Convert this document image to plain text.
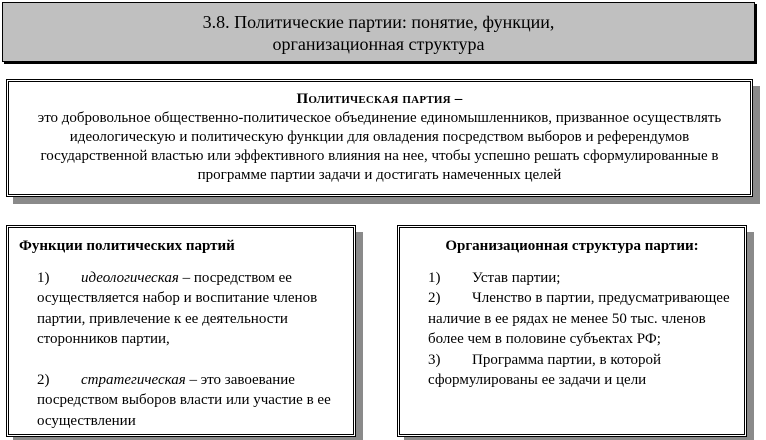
3.8. Политические партии: понятие, функции,
организационная структура
Политическая партия –
это добровольное общественно-политическое объединение единомышленников, призванное осуществлять идеологическую и политическую функции для овладения посредством выборов и референдумов государственной властью или эффективного влияния на нее, чтобы успешно решать сформулированные в программе партии задачи и достигать намеченных целей
Функции политических партий

1) идеологическая – посредством ее осуществляется набор и воспитание членов партии, привлечение к ее деятельности сторонников партии,

2) стратегическая – это завоевание посредством выборов власти или участие в ее осуществлении

Организационная структура партии:

1) Устав партии;

2) Членство в партии, предусматривающее наличие в ее рядах не менее 50 тыс. членов более чем в половине субъектах РФ;

3) Программа партии, в которой сформулированы ее задачи и цели
